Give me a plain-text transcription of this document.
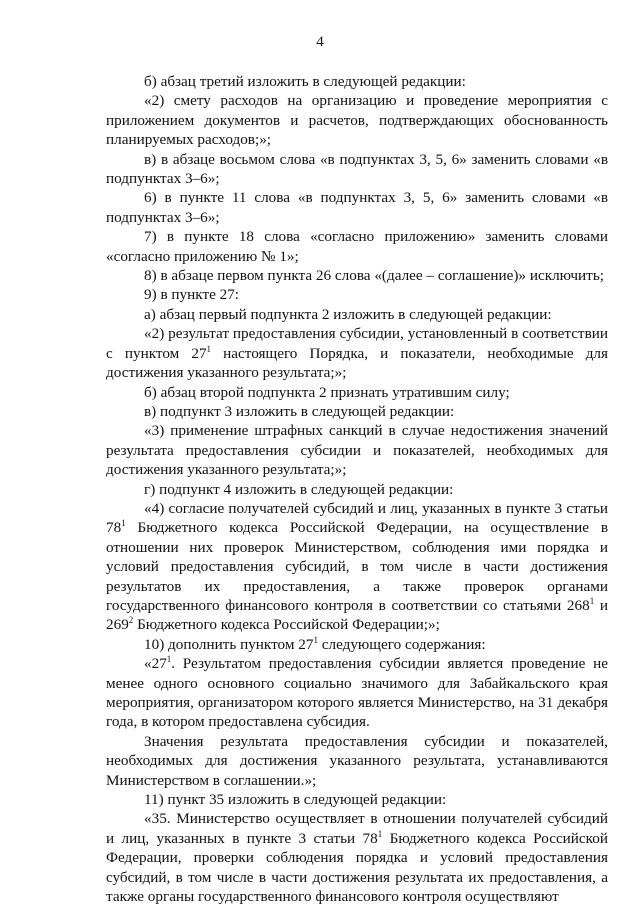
4

б) абзац третий изложить в следующей редакции:

«2) смету расходов на организацию и проведение мероприятия с приложением документов и расчетов, подтверждающих обоснованность планируемых расходов;»;

в) в абзаце восьмом слова «в подпунктах 3, 5, 6» заменить словами «в подпунктах 3–6»;

6) в пункте 11 слова «в подпунктах 3, 5, 6» заменить словами «в подпунктах 3–6»;

7) в пункте 18 слова «согласно приложению» заменить словами «согласно приложению № 1»;

8) в абзаце первом пункта 26 слова «(далее – соглашение)» исключить;

9) в пункте 27:

а) абзац первый подпункта 2 изложить в следующей редакции:

«2) результат предоставления субсидии, установленный в соответствии с пунктом $27^1$ настоящего Порядка, и показатели, необходимые для достижения указанного результата;»;

б) абзац второй подпункта 2 признать утратившим силу;

в) подпункт 3 изложить в следующей редакции:

«3) применение штрафных санкций в случае недостижения значений результата предоставления субсидии и показателей, необходимых для достижения указанного результата;»;

г) подпункт 4 изложить в следующей редакции:

«4) согласие получателей субсидий и лиц, указанных в пункте 3 статьи $78^1$ Бюджетного кодекса Российской Федерации, на осуществление в отношении них проверок Министерством, соблюдения ими порядка и условий предоставления субсидий, в том числе в части достижения результатов их предоставления, а также проверок органами государственного финансового контроля в соответствии со статьями $268^1$ и $269^2$ Бюджетного кодекса Российской Федерации;»;

10) дополнить пунктом $27^1$ следующего содержания:

«$27^1$. Результатом предоставления субсидии является проведение не менее одного основного социально значимого для Забайкальского края мероприятия, организатором которого является Министерство, на 31 декабря года, в котором предоставлена субсидия.

Значения результата предоставления субсидии и показателей, необходимых для достижения указанного результата, устанавливаются Министерством в соглашении.»;

11) пункт 35 изложить в следующей редакции:

«35. Министерство осуществляет в отношении получателей субсидий и лиц, указанных в пункте 3 статьи $78^1$ Бюджетного кодекса Российской Федерации, проверки соблюдения порядка и условий предоставления субсидий, в том числе в части достижения результата их предоставления, а также органы государственного финансового контроля осуществляют
